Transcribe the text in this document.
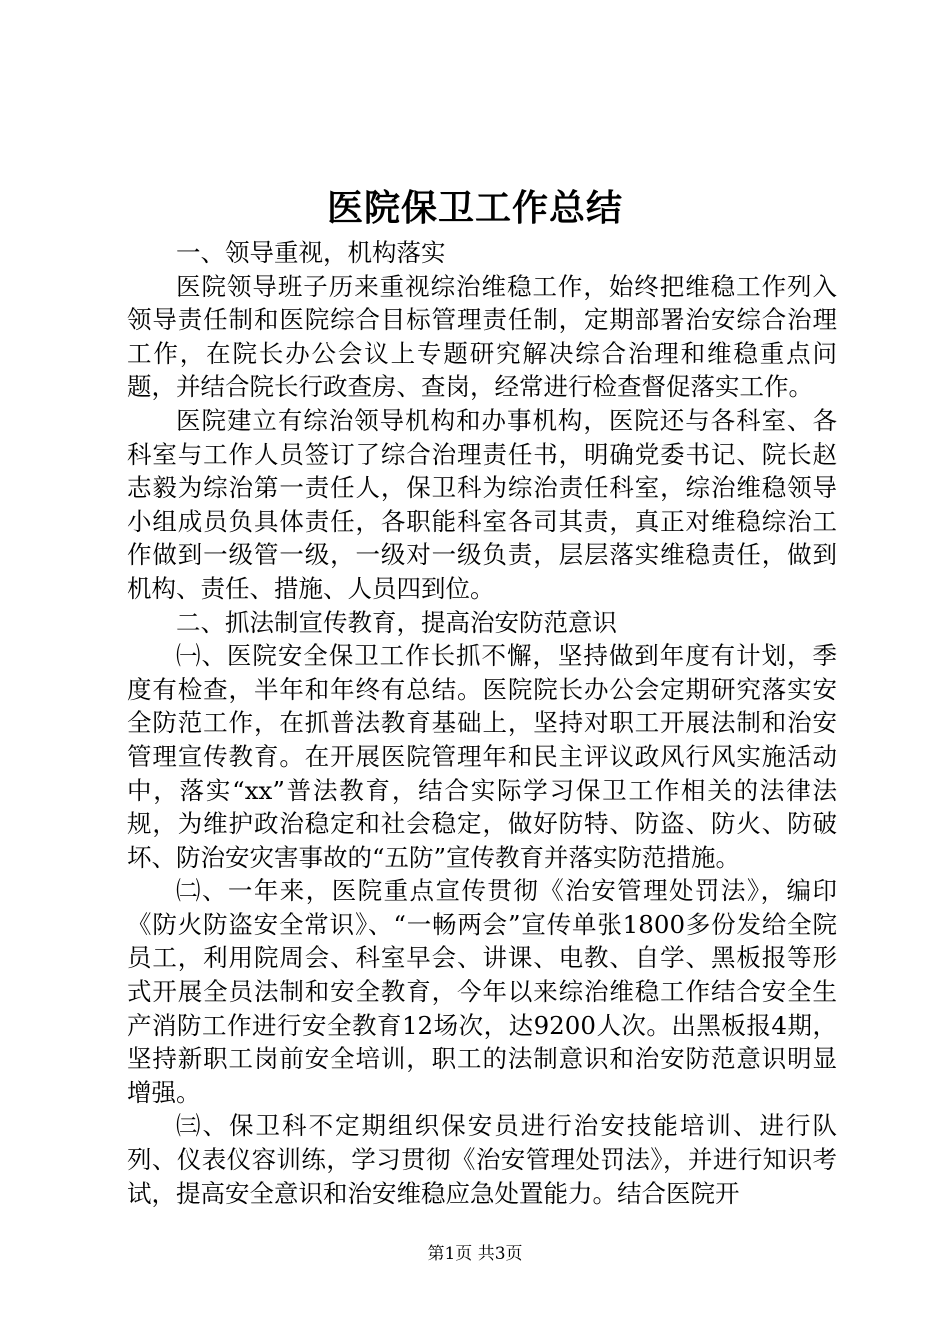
医院保卫工作总结

一、领导重视，机构落实

医院领导班子历来重视综治维稳工作，始终把维稳工作列入领导责任制和医院综合目标管理责任制，定期部署治安综合治理工作，在院长办公会议上专题研究解决综合治理和维稳重点问题，并结合院长行政查房、查岗，经常进行检查督促落实工作。

医院建立有综治领导机构和办事机构，医院还与各科室、各科室与工作人员签订了综合治理责任书，明确党委书记、院长赵志毅为综治第一责任人，保卫科为综治责任科室，综治维稳领导小组成员负具体责任，各职能科室各司其责，真正对维稳综治工作做到一级管一级，一级对一级负责，层层落实维稳责任，做到机构、责任、措施、人员四到位。

二、抓法制宣传教育，提高治安防范意识

㈠、医院安全保卫工作长抓不懈，坚持做到年度有计划，季度有检查，半年和年终有总结。医院院长办公会定期研究落实安全防范工作，在抓普法教育基础上，坚持对职工开展法制和治安管理宣传教育。在开展医院管理年和民主评议政风行风实施活动中，落实“xx”普法教育，结合实际学习保卫工作相关的法律法规，为维护政治稳定和社会稳定，做好防特、防盗、防火、防破坏、防治安灾害事故的“五防”宣传教育并落实防范措施。

㈡、一年来，医院重点宣传贯彻《治安管理处罚法》，编印《防火防盗安全常识》、“一畅两会”宣传单张1800多份发给全院员工，利用院周会、科室早会、讲课、电教、自学、黑板报等形式开展全员法制和安全教育，今年以来综治维稳工作结合安全生产消防工作进行安全教育12场次，达9200人次。出黑板报4期，坚持新职工岗前安全培训，职工的法制意识和治安防范意识明显增强。

㈢、保卫科不定期组织保安员进行治安技能培训、进行队列、仪表仪容训练，学习贯彻《治安管理处罚法》，并进行知识考试，提高安全意识和治安维稳应急处置能力。结合医院开

第1页 共3页
